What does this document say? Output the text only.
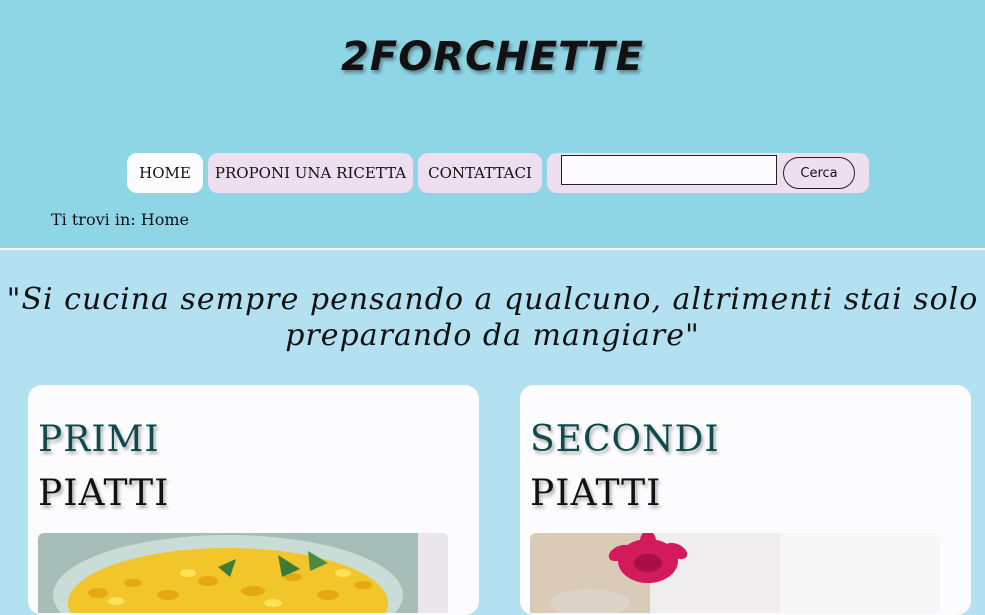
2FORCHETTE
HOME	PROPONI UNA RICETTA	CONTATTACI	Cerca
Ti trovi in: Home
"Si cucina sempre pensando a qualcuno, altrimenti stai solo preparando da mangiare"
PRIMI
PIATTI
SECONDI
PIATTI
